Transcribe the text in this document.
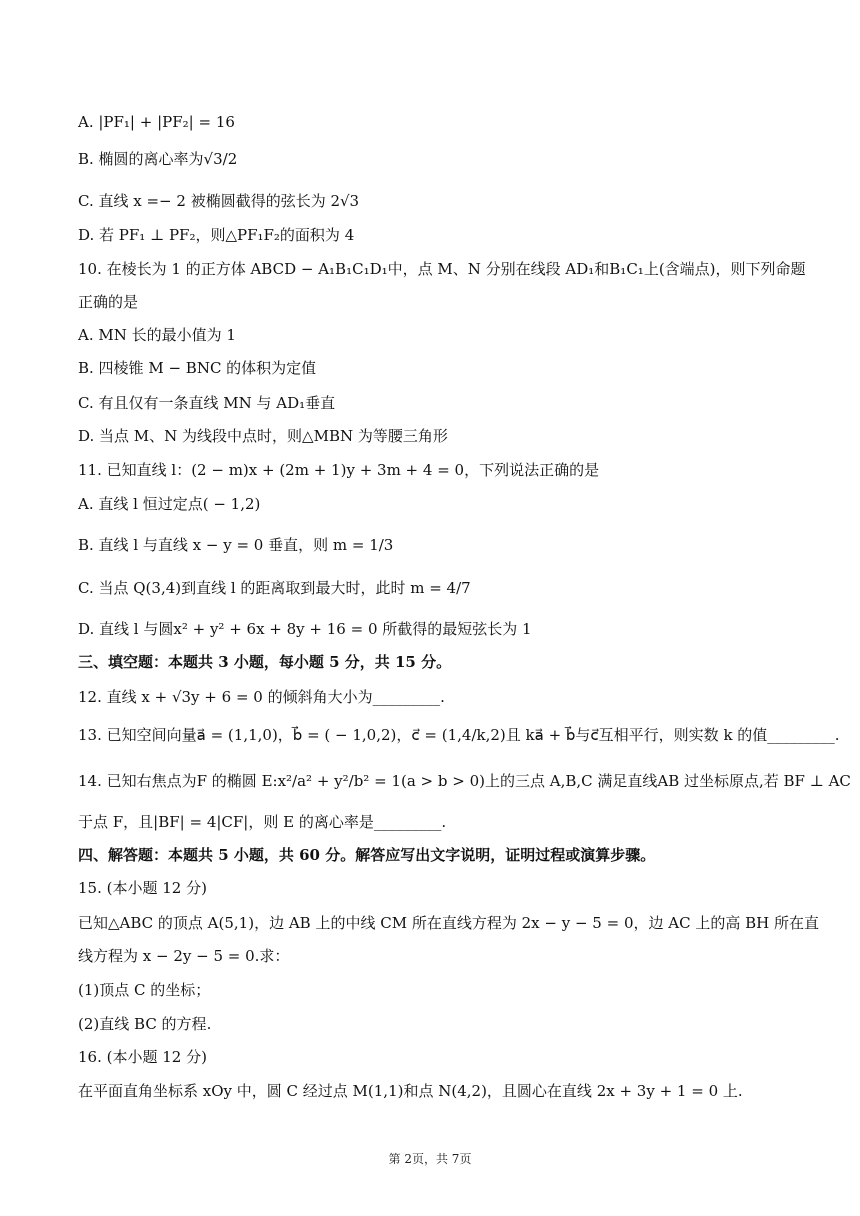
A. |PF₁| + |PF₂| = 16
B. 椭圆的离心率为√3/2
C. 直线 x =− 2 被椭圆截得的弦长为 2√3
D. 若 PF₁ ⊥ PF₂，则△PF₁F₂的面积为 4
10. 在棱长为 1 的正方体 ABCD − A₁B₁C₁D₁中，点 M、N 分别在线段 AD₁和B₁C₁上(含端点)，则下列命题
正确的是
A. MN 长的最小值为 1
B. 四棱锥 M − BNC 的体积为定值
C. 有且仅有一条直线 MN 与 AD₁垂直
D. 当点 M、N 为线段中点时，则△MBN 为等腰三角形
11. 已知直线 l：(2 − m)x + (2m + 1)y + 3m + 4 = 0，下列说法正确的是
A. 直线 l 恒过定点( − 1,2)
B. 直线 l 与直线 x − y = 0 垂直，则 m = 1/3
C. 当点 Q(3,4)到直线 l 的距离取到最大时，此时 m = 4/7
D. 直线 l 与圆x² + y² + 6x + 8y + 16 = 0 所截得的最短弦长为 1
三、填空题：本题共 3 小题，每小题 5 分，共 15 分。
12. 直线 x + √3y + 6 = 0 的倾斜角大小为_________.
13. 已知空间向量a⃗ = (1,1,0)，b⃗ = ( − 1,0,2)，c⃗ = (1,4/k,2)且 ka⃗ + b⃗与c⃗互相平行，则实数 k 的值_________.
14. 已知右焦点为F 的椭圆 E:x²/a² + y²/b² = 1(a > b > 0)上的三点 A,B,C 满足直线AB 过坐标原点,若 BF ⊥ AC
于点 F，且|BF| = 4|CF|，则 E 的离心率是_________.
四、解答题：本题共 5 小题，共 60 分。解答应写出文字说明，证明过程或演算步骤。
15. (本小题 12 分)
已知△ABC 的顶点 A(5,1)，边 AB 上的中线 CM 所在直线方程为 2x − y − 5 = 0，边 AC 上的高 BH 所在直
线方程为 x − 2y − 5 = 0.求：
(1)顶点 C 的坐标；
(2)直线 BC 的方程.
16. (本小题 12 分)
在平面直角坐标系 xOy 中，圆 C 经过点 M(1,1)和点 N(4,2)，且圆心在直线 2x + 3y + 1 = 0 上.
第 2页，共 7页
